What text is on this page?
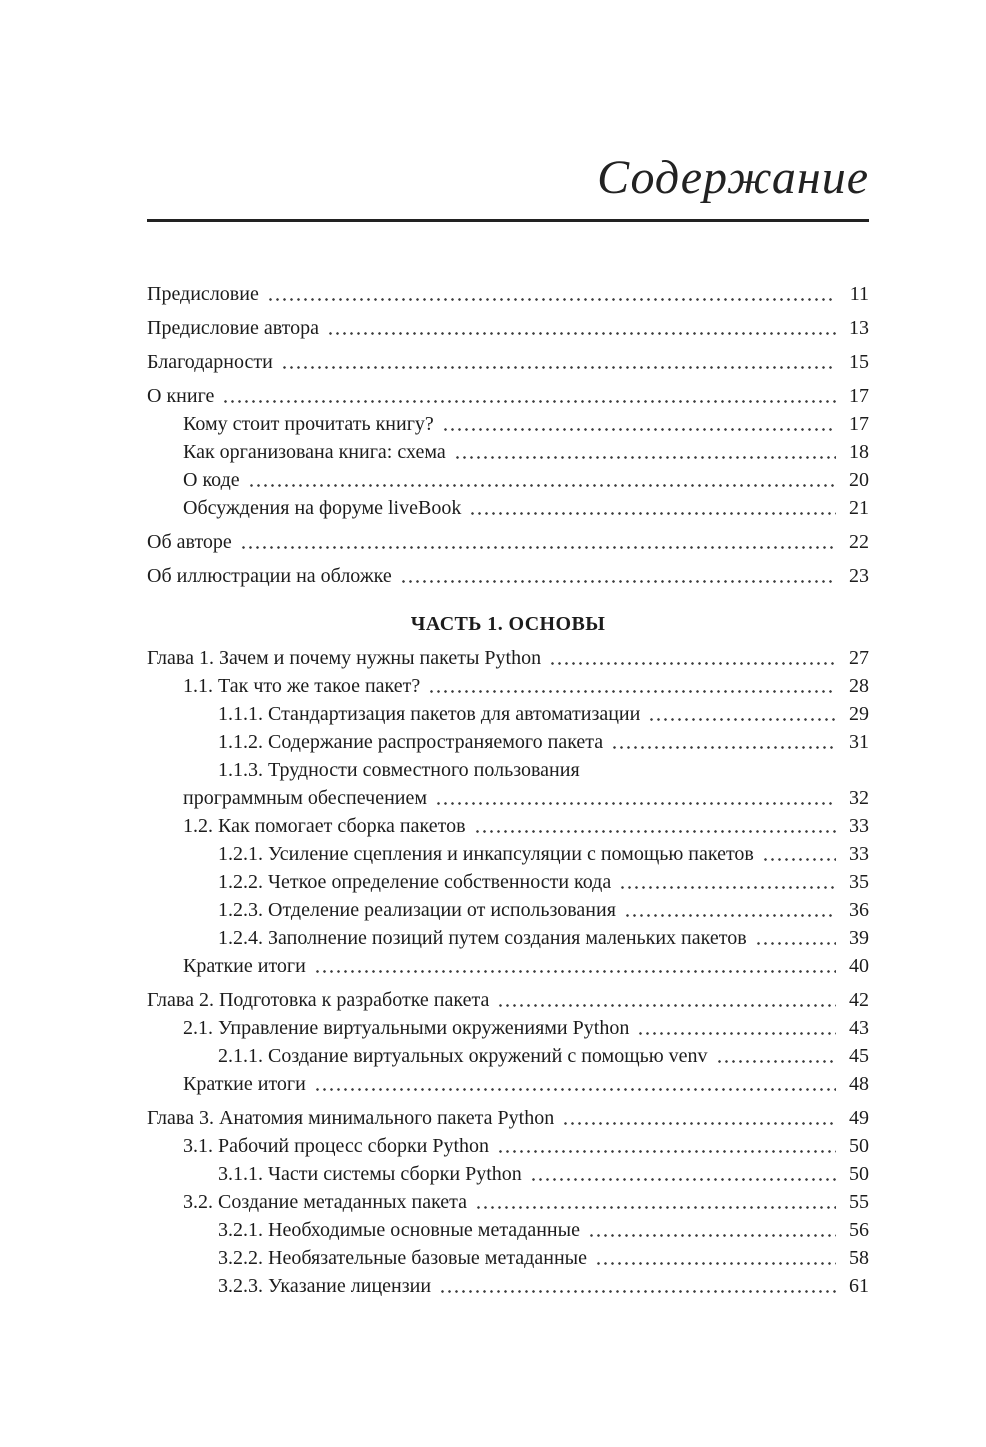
Содержание
Предисловие	11
Предисловие автора	13
Благодарности	15
О книге	17
Кому стоит прочитать книгу?	17
Как организована книга: схема	18
О коде	20
Обсуждения на форуме liveBook	21
Об авторе	22
Об иллюстрации на обложке	23
ЧАСТЬ 1. ОСНОВЫ
Глава 1. Зачем и почему нужны пакеты Python	27
1.1. Так что же такое пакет?	28
1.1.1. Стандартизация пакетов для автоматизации	29
1.1.2. Содержание распространяемого пакета	31
1.1.3. Трудности совместного пользования
программным обеспечением	32
1.2. Как помогает сборка пакетов	33
1.2.1. Усиление сцепления и инкапсуляции с помощью пакетов	33
1.2.2. Четкое определение собственности кода	35
1.2.3. Отделение реализации от использования	36
1.2.4. Заполнение позиций путем создания маленьких пакетов	39
Краткие итоги	40
Глава 2. Подготовка к разработке пакета	42
2.1. Управление виртуальными окружениями Python	43
2.1.1. Создание виртуальных окружений с помощью venv	45
Краткие итоги	48
Глава 3. Анатомия минимального пакета Python	49
3.1. Рабочий процесс сборки Python	50
3.1.1. Части системы сборки Python	50
3.2. Создание метаданных пакета	55
3.2.1. Необходимые основные метаданные	56
3.2.2. Необязательные базовые метаданные	58
3.2.3. Указание лицензии	61
